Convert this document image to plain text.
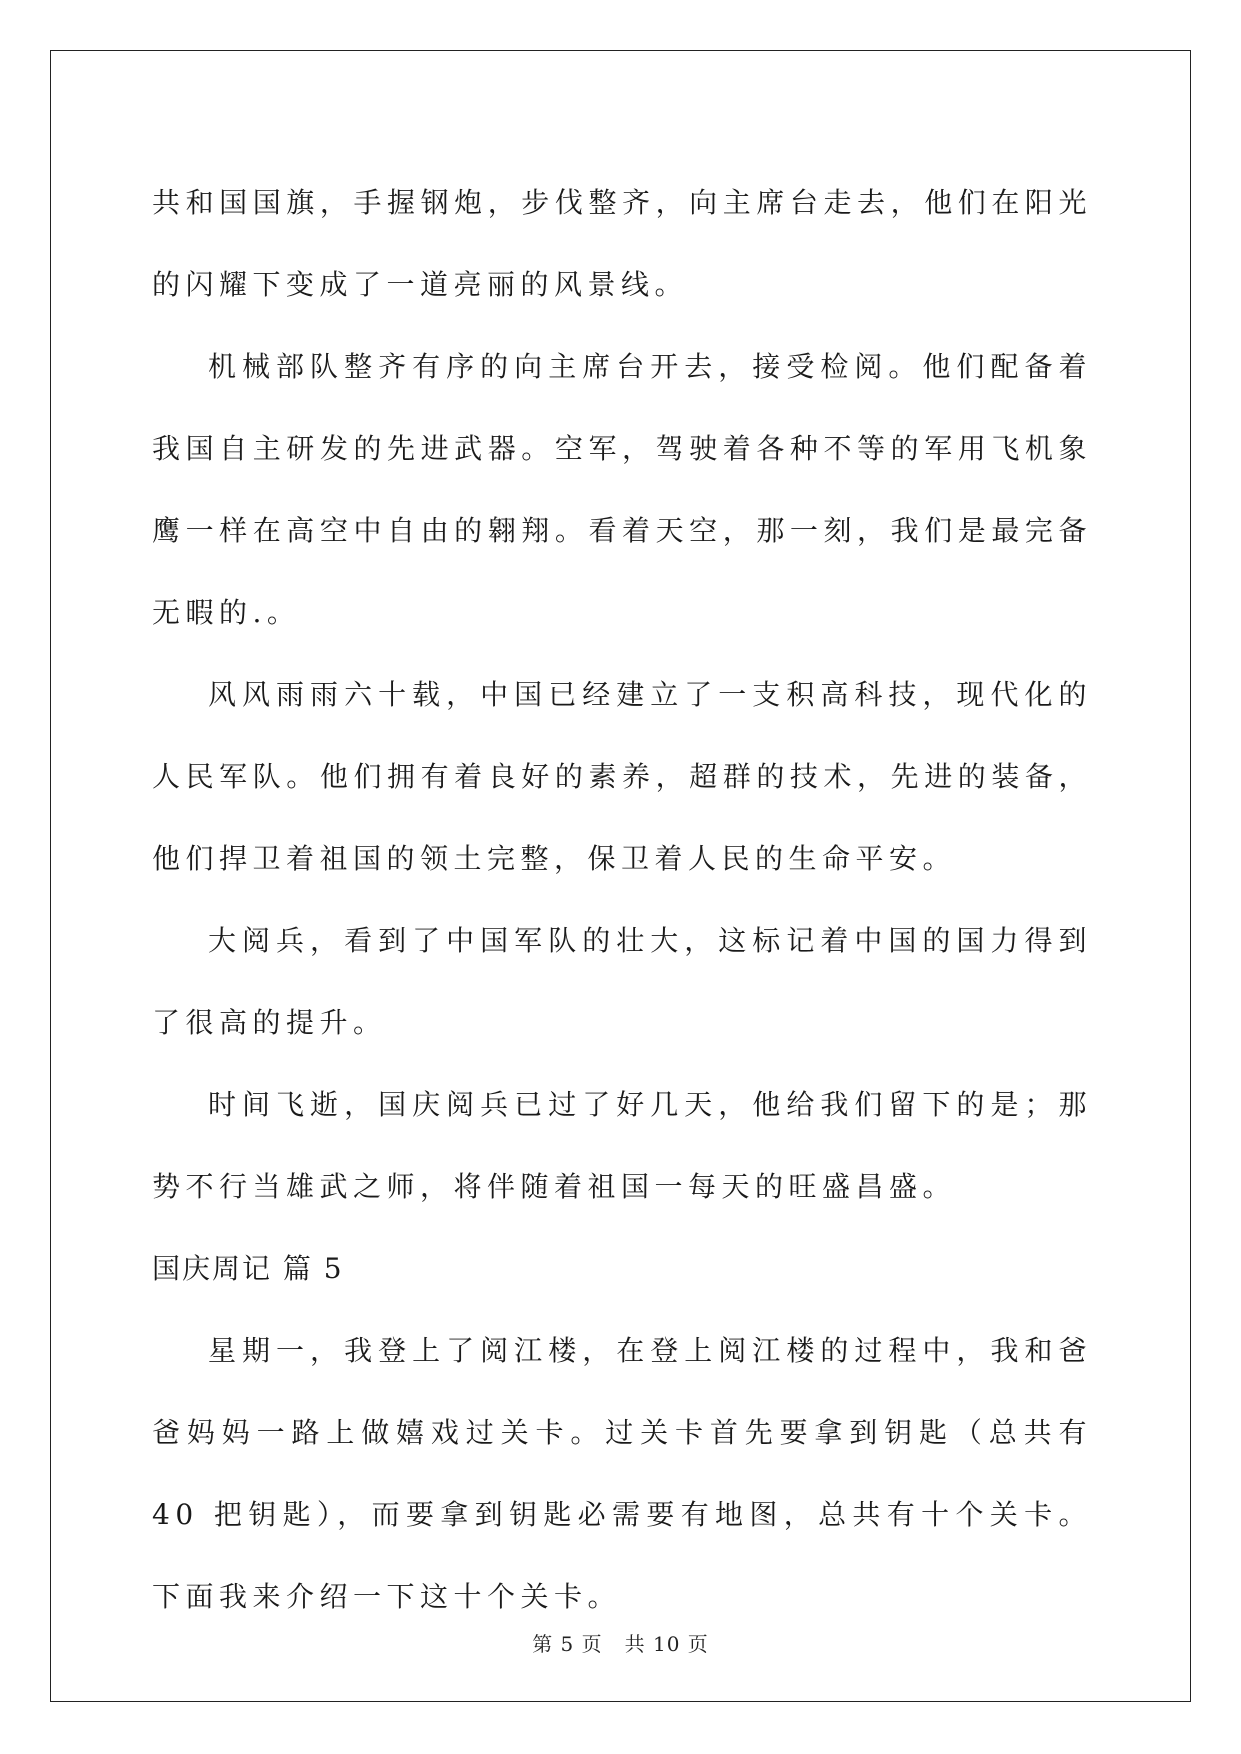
共和国国旗，手握钢炮，步伐整齐，向主席台走去，他们在阳光的闪耀下变成了一道亮丽的风景线。

机械部队整齐有序的向主席台开去，接受检阅。他们配备着我国自主研发的先进武器。空军，驾驶着各种不等的军用飞机象鹰一样在高空中自由的翱翔。看着天空，那一刻，我们是最完备无暇的.。

风风雨雨六十载，中国已经建立了一支积高科技，现代化的人民军队。他们拥有着良好的素养，超群的技术，先进的装备，他们捍卫着祖国的领土完整，保卫着人民的生命平安。

大阅兵，看到了中国军队的壮大，这标记着中国的国力得到了很高的提升。

时间飞逝，国庆阅兵已过了好几天，他给我们留下的是；那势不行当雄武之师，将伴随着祖国一每天的旺盛昌盛。

国庆周记 篇 5

星期一，我登上了阅江楼，在登上阅江楼的过程中，我和爸爸妈妈一路上做嬉戏过关卡。过关卡首先要拿到钥匙（总共有 40 把钥匙），而要拿到钥匙必需要有地图，总共有十个关卡。下面我来介绍一下这十个关卡。

第 5 页 共 10 页
